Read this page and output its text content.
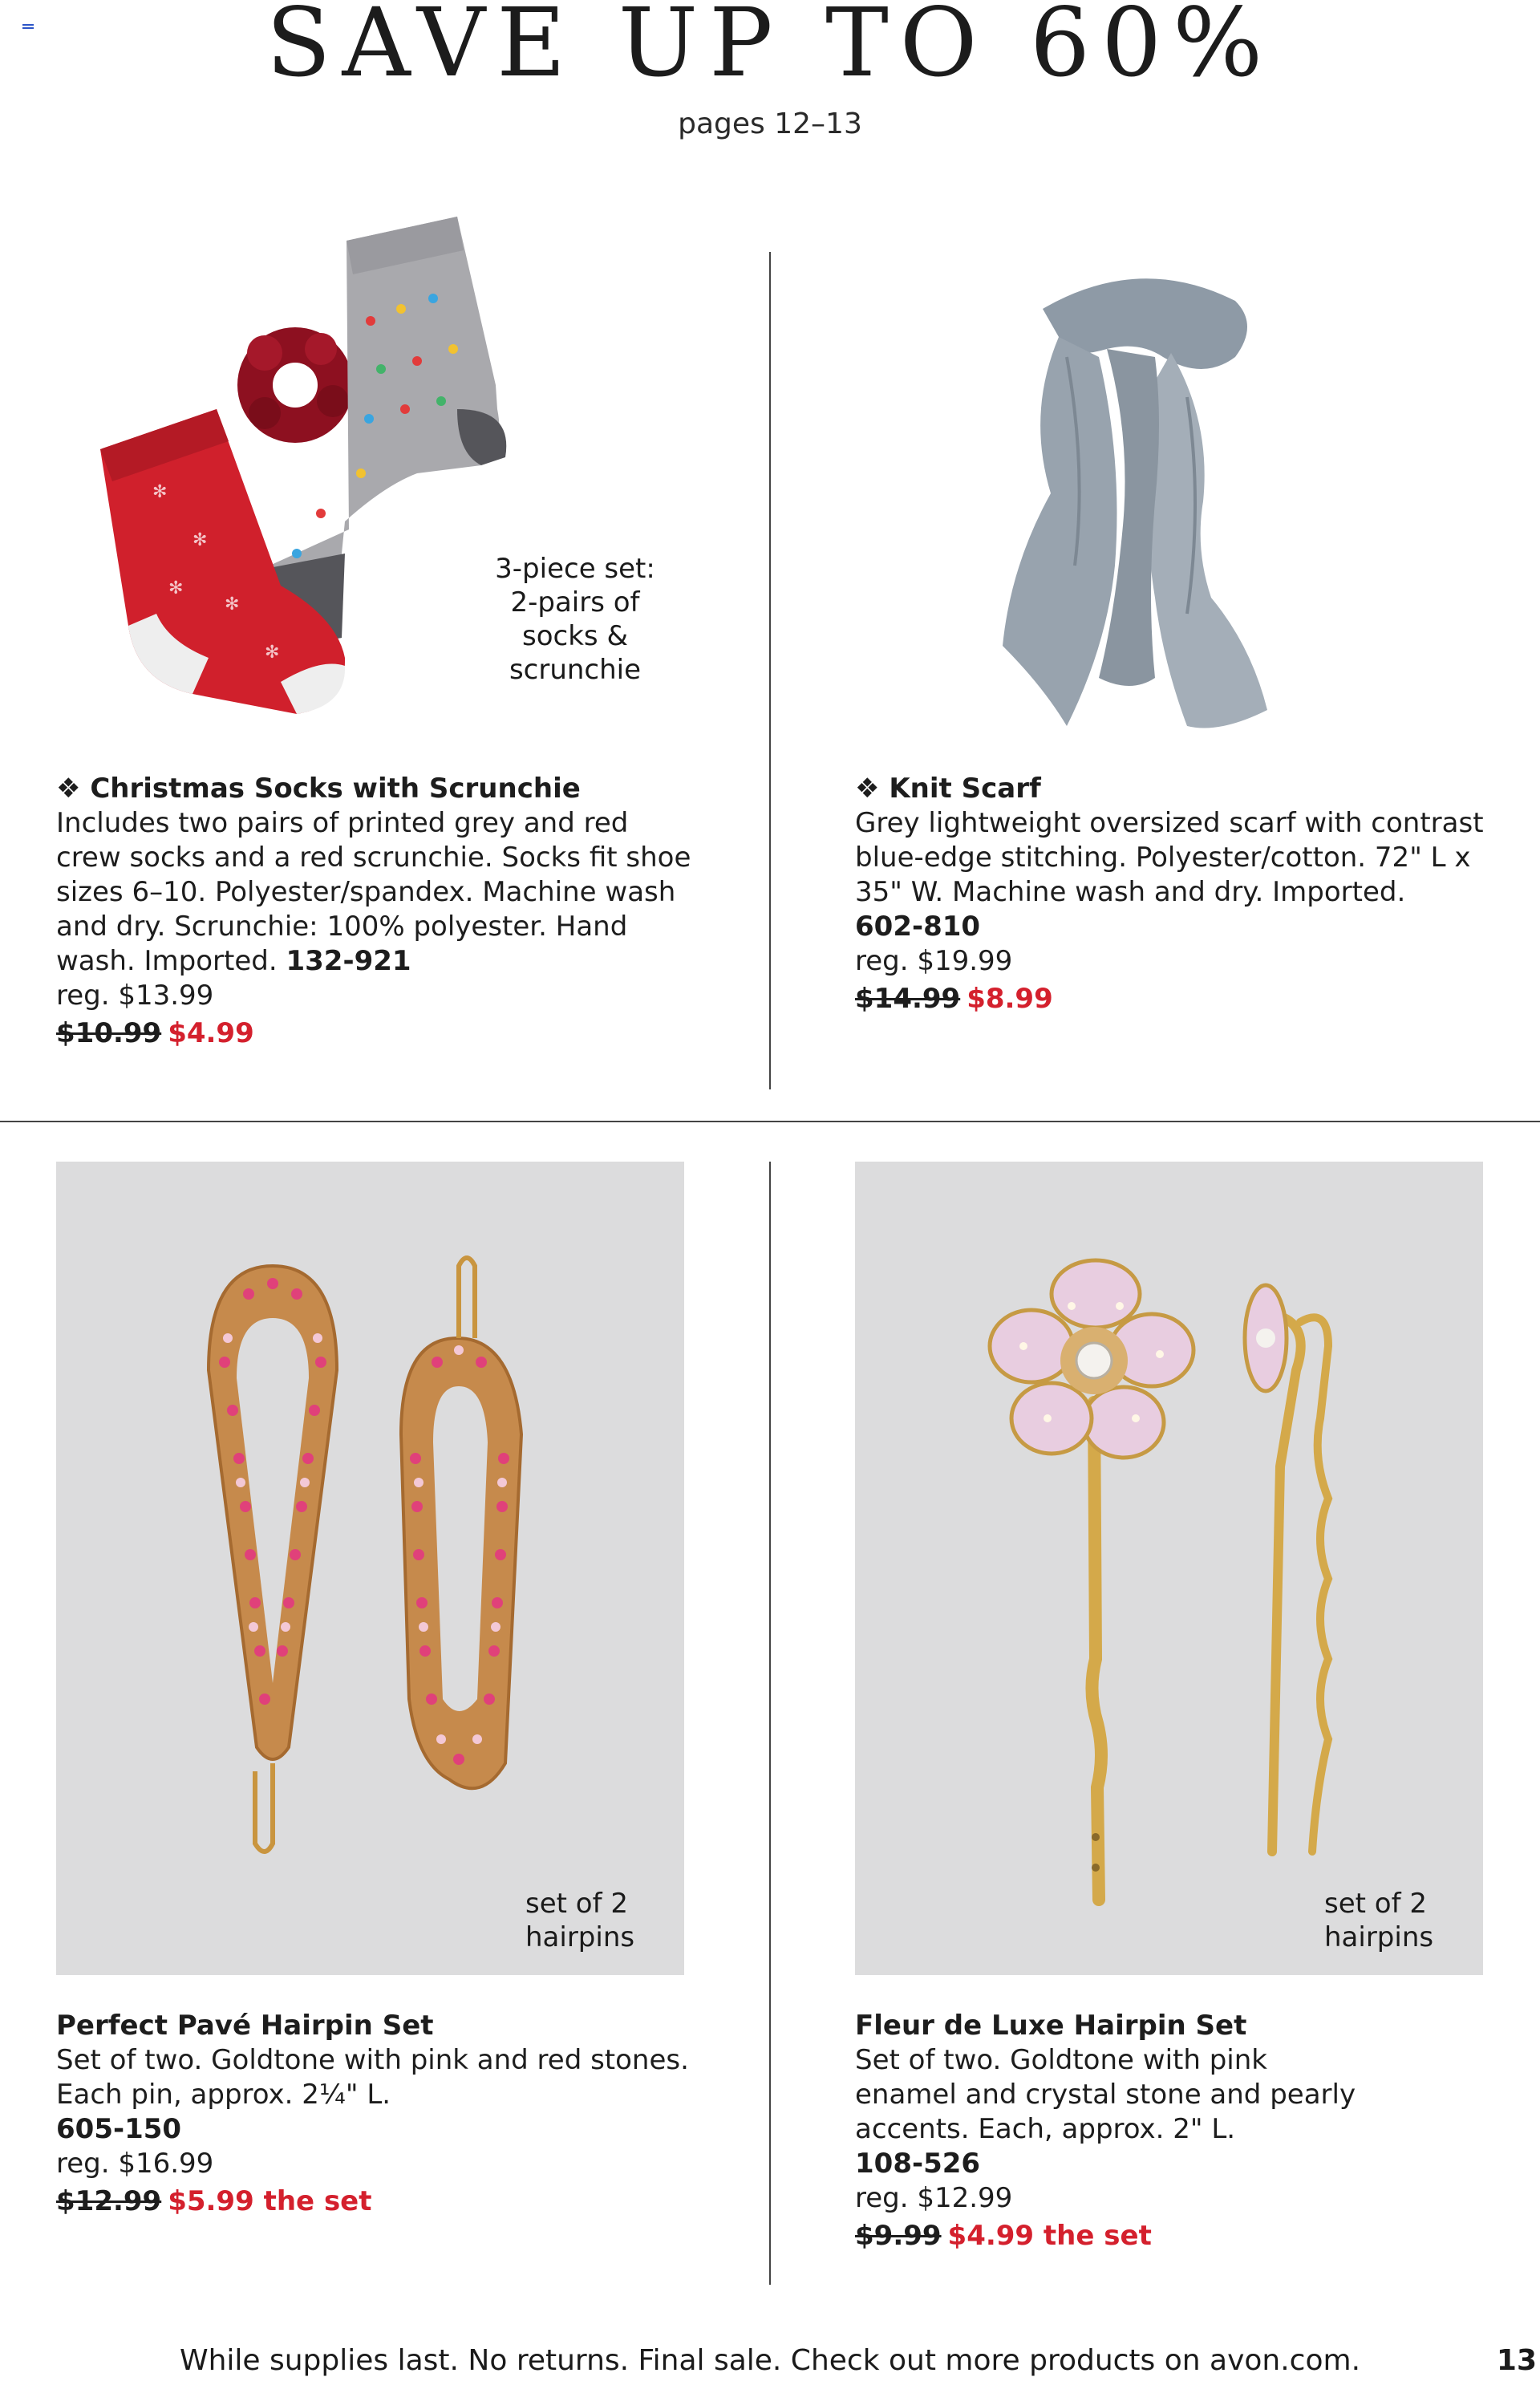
SAVE UP TO 60%
pages 12–13
✻
✻
✻
✻
✻
3-piece set:
2-pairs of
socks &
scrunchie
❖ Christmas Socks with Scrunchie
Includes two pairs of printed grey and red crew socks and a red scrunchie. Socks fit shoe sizes 6–10. Polyester/spandex. Machine wash and dry. Scrunchie: 100% polyester. Hand wash. Imported. 132-921
reg. $13.99
$10.99 $4.99
❖ Knit Scarf
Grey lightweight oversized scarf with contrast blue-edge stitching. Polyester/cotton. 72" L x 35" W. Machine wash and dry. Imported.
602-810
reg. $19.99
$14.99 $8.99
set of 2
hairpins
Perfect Pavé Hairpin Set
Set of two. Goldtone with pink and red stones. Each pin, approx. 2¼" L.
605-150
reg. $16.99
$12.99 $5.99 the set
set of 2
hairpins
Fleur de Luxe Hairpin Set
Set of two. Goldtone with pink enamel and crystal stone and pearly accents. Each, approx. 2" L.
108-526
reg. $12.99
$9.99 $4.99 the set
While supplies last. No returns. Final sale. Check out more products on avon.com.	13
